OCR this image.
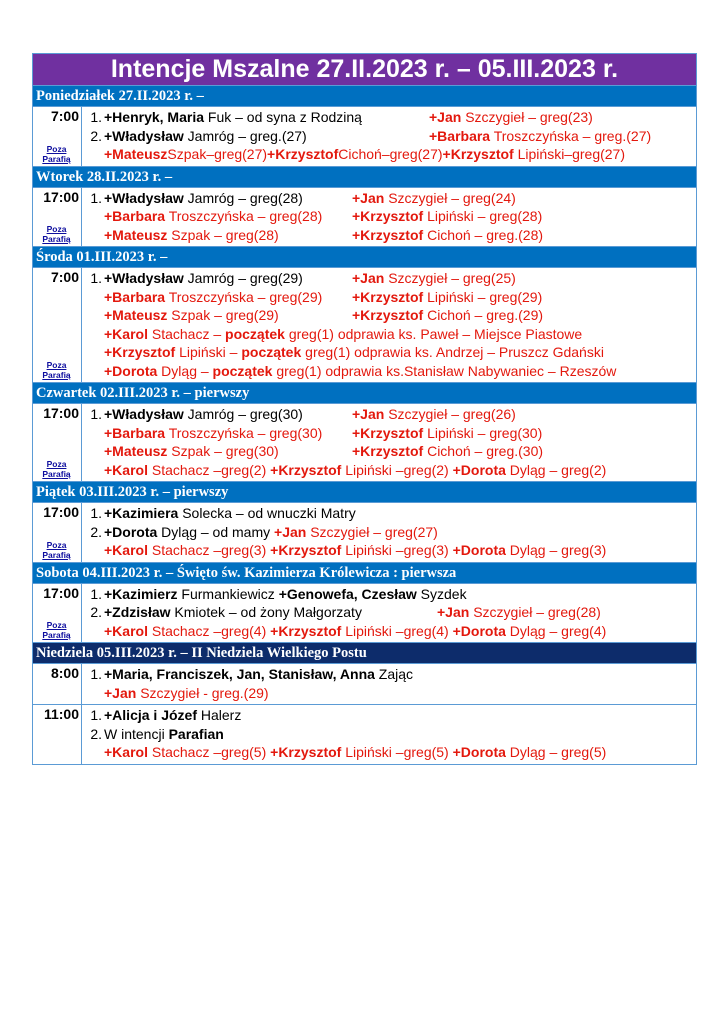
Intencje Mszalne 27.II.2023 r. – 05.III.2023 r.
Poniedziałek 27.II.2023 r. –
7:00
Poza
Parafią
1. +Henryk, Maria Fuk – od syna z Rodziną	+Jan Szczygieł – greg(23)
2. +Władysław Jamróg – greg.(27)	+Barbara Troszczyńska – greg.(27)
+MateuszSzpak–greg(27)+KrzysztofCichoń–greg(27)+Krzysztof Lipiński–greg(27)
Wtorek 28.II.2023 r. –
17:00
Poza
Parafią
1. +Władysław Jamróg – greg(28)	+Jan Szczygieł – greg(24)
+Barbara Troszczyńska – greg(28) +Krzysztof Lipiński – greg(28)
+Mateusz Szpak – greg(28)	+Krzysztof Cichoń – greg.(28)
Środa 01.III.2023 r. –
7:00
Poza
Parafią
1. +Władysław Jamróg – greg(29)	+Jan Szczygieł – greg(25)
+Barbara Troszczyńska – greg(29) +Krzysztof Lipiński – greg(29)
+Mateusz Szpak – greg(29)	+Krzysztof Cichoń – greg.(29)
+Karol Stachacz – początek greg(1) odprawia ks. Paweł – Miejsce Piastowe
+Krzysztof Lipiński – początek greg(1) odprawia ks. Andrzej – Pruszcz Gdański
+Dorota Dyląg – początek greg(1) odprawia ks.Stanisław Nabywaniec – Rzeszów
Czwartek 02.III.2023 r. – pierwszy
17:00
Poza
Parafią
1. +Władysław Jamróg – greg(30)	+Jan Szczygieł – greg(26)
+Barbara Troszczyńska – greg(30) +Krzysztof Lipiński – greg(30)
+Mateusz Szpak – greg(30)	+Krzysztof Cichoń – greg.(30)
+Karol Stachacz –greg(2) +Krzysztof Lipiński –greg(2) +Dorota Dyląg – greg(2)
Piątek 03.III.2023 r. – pierwszy
17:00
Poza
Parafią
1. +Kazimiera Solecka – od wnuczki Matry
2. +Dorota Dyląg – od mamy +Jan Szczygieł – greg(27)
+Karol Stachacz –greg(3) +Krzysztof Lipiński –greg(3) +Dorota Dyląg – greg(3)
Sobota 04.III.2023 r. – Święto św. Kazimierza Królewicza : pierwsza
17:00
Poza
Parafią
1. +Kazimierz Furmankiewicz +Genowefa, Czesław Syzdek
2. +Zdzisław Kmiotek – od żony Małgorzaty	+Jan Szczygieł – greg(28)
+Karol Stachacz –greg(4) +Krzysztof Lipiński –greg(4) +Dorota Dyląg – greg(4)
Niedziela 05.III.2023 r. – II Niedziela Wielkiego Postu
8:00 1. +Maria, Franciszek, Jan, Stanisław, Anna Zając
+Jan Szczygieł - greg.(29)
11:00 1. +Alicja i Józef Halerz
2. W intencji Parafian
+Karol Stachacz –greg(5) +Krzysztof Lipiński –greg(5) +Dorota Dyląg – greg(5)
